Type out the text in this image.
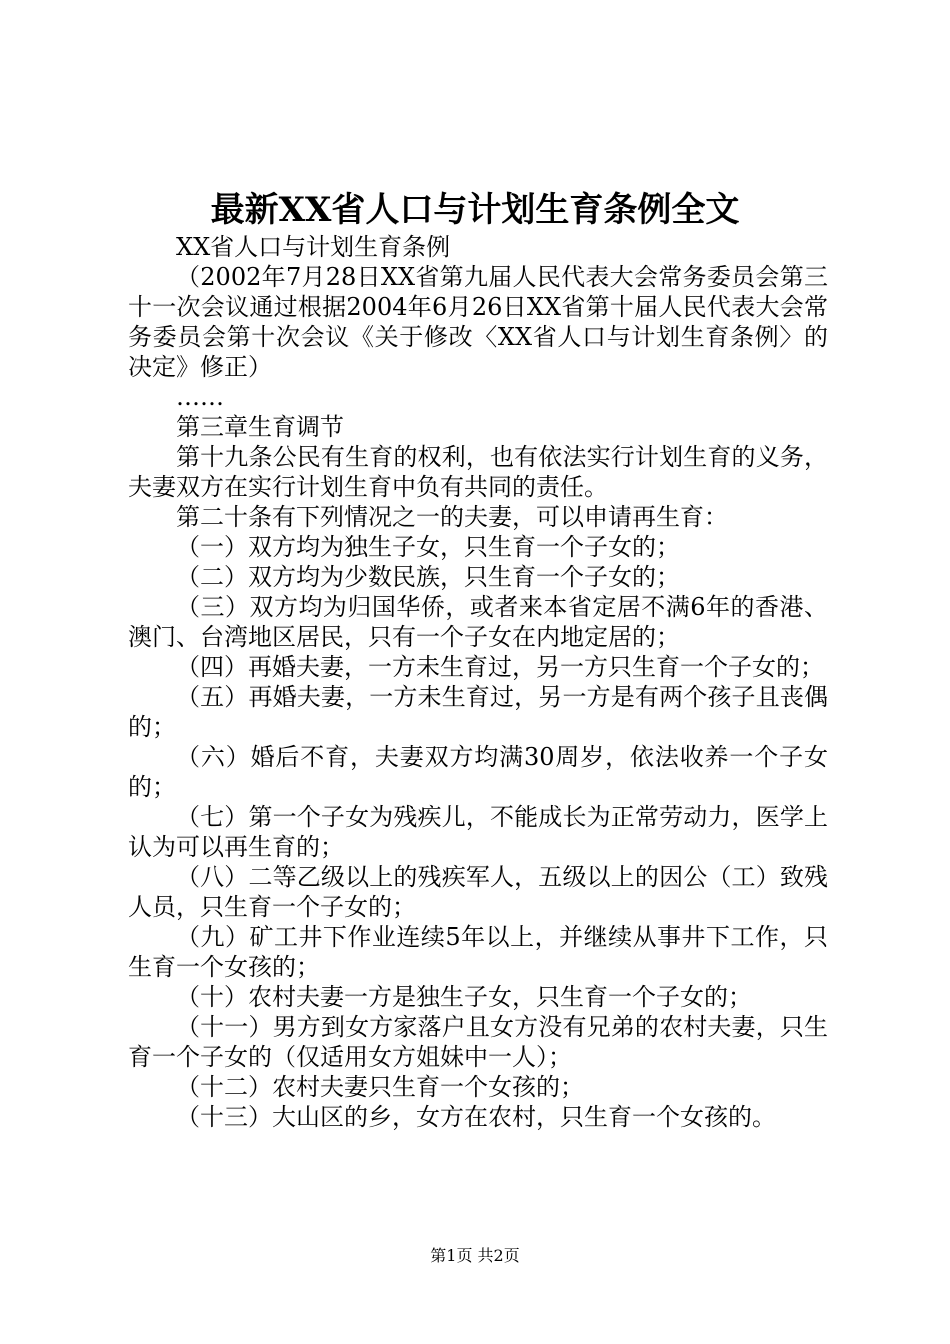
最新XX省人口与计划生育条例全文

XX省人口与计划生育条例

（2002年7月28日XX省第九届人民代表大会常务委员会第三十一次会议通过根据2004年6月26日XX省第十届人民代表大会常务委员会第十次会议《关于修改〈XX省人口与计划生育条例〉的决定》修正）

……

第三章生育调节

第十九条公民有生育的权利，也有依法实行计划生育的义务，夫妻双方在实行计划生育中负有共同的责任。

第二十条有下列情况之一的夫妻，可以申请再生育：

（一）双方均为独生子女，只生育一个子女的；

（二）双方均为少数民族，只生育一个子女的；

（三）双方均为归国华侨，或者来本省定居不满6年的香港、澳门、台湾地区居民，只有一个子女在内地定居的；

（四）再婚夫妻，一方未生育过，另一方只生育一个子女的；

（五）再婚夫妻，一方未生育过，另一方是有两个孩子且丧偶的；

（六）婚后不育，夫妻双方均满30周岁，依法收养一个子女的；

（七）第一个子女为残疾儿，不能成长为正常劳动力，医学上认为可以再生育的；

（八）二等乙级以上的残疾军人，五级以上的因公（工）致残人员，只生育一个子女的；

（九）矿工井下作业连续5年以上，并继续从事井下工作，只生育一个女孩的；

（十）农村夫妻一方是独生子女，只生育一个子女的；

（十一）男方到女方家落户且女方没有兄弟的农村夫妻，只生育一个子女的（仅适用女方姐妹中一人）；

（十二）农村夫妻只生育一个女孩的；

（十三）大山区的乡，女方在农村，只生育一个女孩的。

第1页 共2页
